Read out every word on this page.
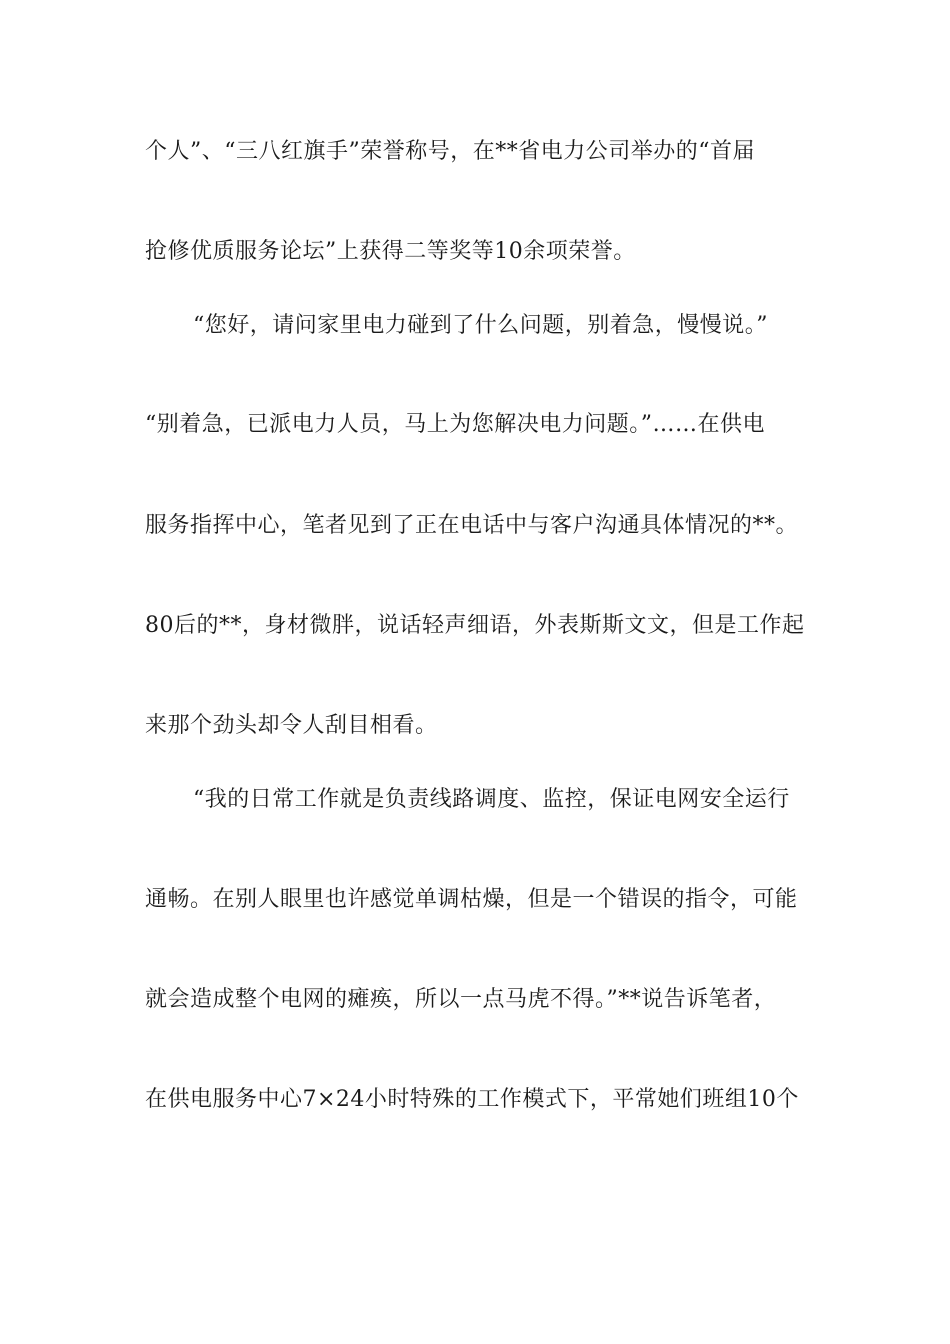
个人”、“三八红旗手”荣誉称号，在**省电力公司举办的“首届
抢修优质服务论坛”上获得二等奖等10余项荣誉。
“您好，请问家里电力碰到了什么问题，别着急，慢慢说。”
“别着急，已派电力人员，马上为您解决电力问题。”……在供电
服务指挥中心，笔者见到了正在电话中与客户沟通具体情况的**。
80后的**，身材微胖，说话轻声细语，外表斯斯文文，但是工作起
来那个劲头却令人刮目相看。
“我的日常工作就是负责线路调度、监控，保证电网安全运行
通畅。在别人眼里也许感觉单调枯燥，但是一个错误的指令，可能
就会造成整个电网的瘫痪，所以一点马虎不得。”**说告诉笔者，
在供电服务中心7×24小时特殊的工作模式下，平常她们班组10个
